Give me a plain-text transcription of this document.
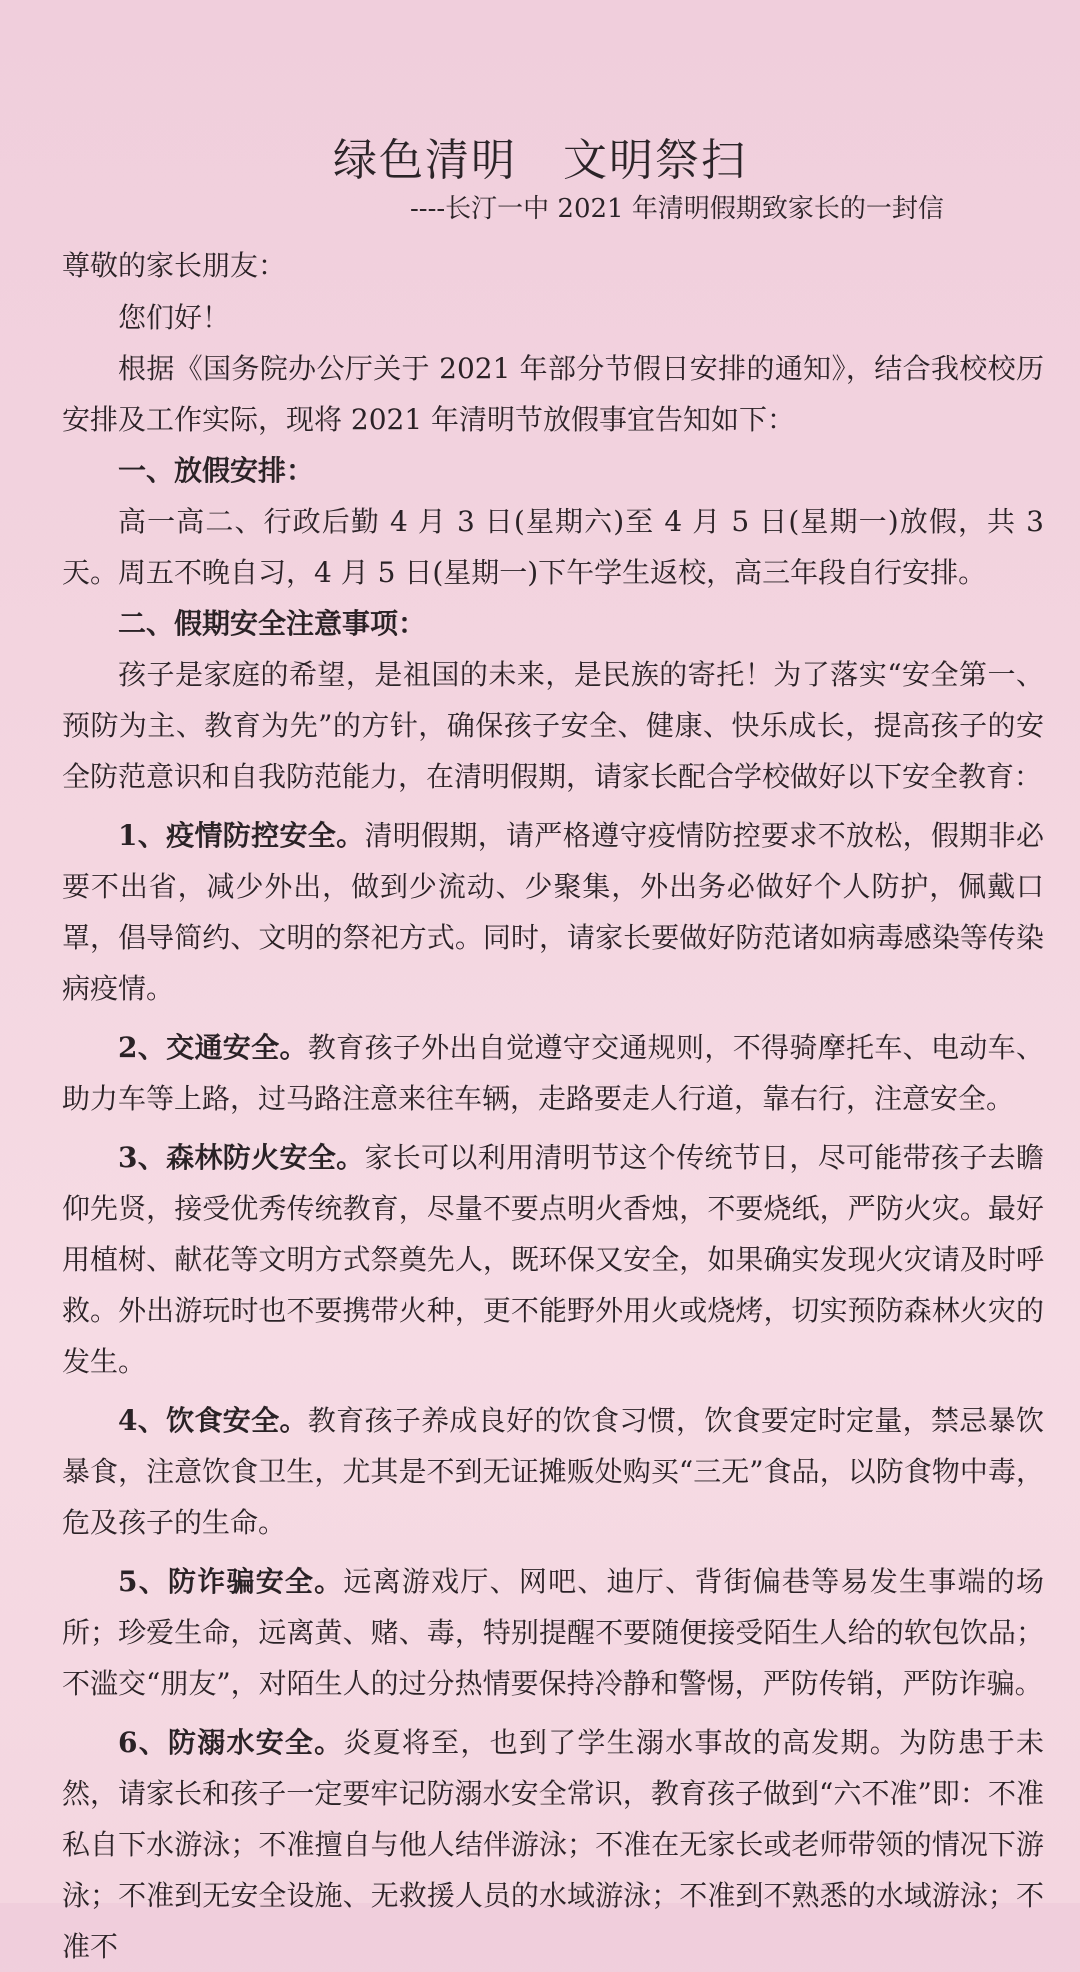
绿色清明　文明祭扫
----长汀一中 2021 年清明假期致家长的一封信
尊敬的家长朋友：

您们好！

根据《国务院办公厅关于 2021 年部分节假日安排的通知》，结合我校校历安排及工作实际，现将 2021 年清明节放假事宜告知如下：

一、放假安排：

高一高二、行政后勤 4 月 3 日(星期六)至 4 月 5 日(星期一)放假，共 3 天。周五不晚自习，4 月 5 日(星期一)下午学生返校，高三年段自行安排。

二、假期安全注意事项：

孩子是家庭的希望，是祖国的未来，是民族的寄托！为了落实“安全第一、预防为主、教育为先”的方针，确保孩子安全、健康、快乐成长，提高孩子的安全防范意识和自我防范能力，在清明假期，请家长配合学校做好以下安全教育：

1、疫情防控安全。清明假期，请严格遵守疫情防控要求不放松，假期非必要不出省，减少外出，做到少流动、少聚集，外出务必做好个人防护，佩戴口罩，倡导简约、文明的祭祀方式。同时，请家长要做好防范诸如病毒感染等传染病疫情。

2、交通安全。教育孩子外出自觉遵守交通规则，不得骑摩托车、电动车、助力车等上路，过马路注意来往车辆，走路要走人行道，靠右行，注意安全。

3、森林防火安全。家长可以利用清明节这个传统节日，尽可能带孩子去瞻仰先贤，接受优秀传统教育，尽量不要点明火香烛，不要烧纸，严防火灾。最好用植树、献花等文明方式祭奠先人，既环保又安全，如果确实发现火灾请及时呼救。外出游玩时也不要携带火种，更不能野外用火或烧烤，切实预防森林火灾的发生。

4、饮食安全。教育孩子养成良好的饮食习惯，饮食要定时定量，禁忌暴饮暴食，注意饮食卫生，尤其是不到无证摊贩处购买“三无”食品，以防食物中毒，危及孩子的生命。

5、防诈骗安全。远离游戏厅、网吧、迪厅、背街偏巷等易发生事端的场所；珍爱生命，远离黄、赌、毒，特别提醒不要随便接受陌生人给的软包饮品；不滥交“朋友”，对陌生人的过分热情要保持冷静和警惕，严防传销，严防诈骗。

6、防溺水安全。炎夏将至，也到了学生溺水事故的高发期。为防患于未然，请家长和孩子一定要牢记防溺水安全常识，教育孩子做到“六不准”即：不准私自下水游泳；不准擅自与他人结伴游泳；不准在无家长或老师带领的情况下游泳；不准到无安全设施、无救援人员的水域游泳；不准到不熟悉的水域游泳；不准不
